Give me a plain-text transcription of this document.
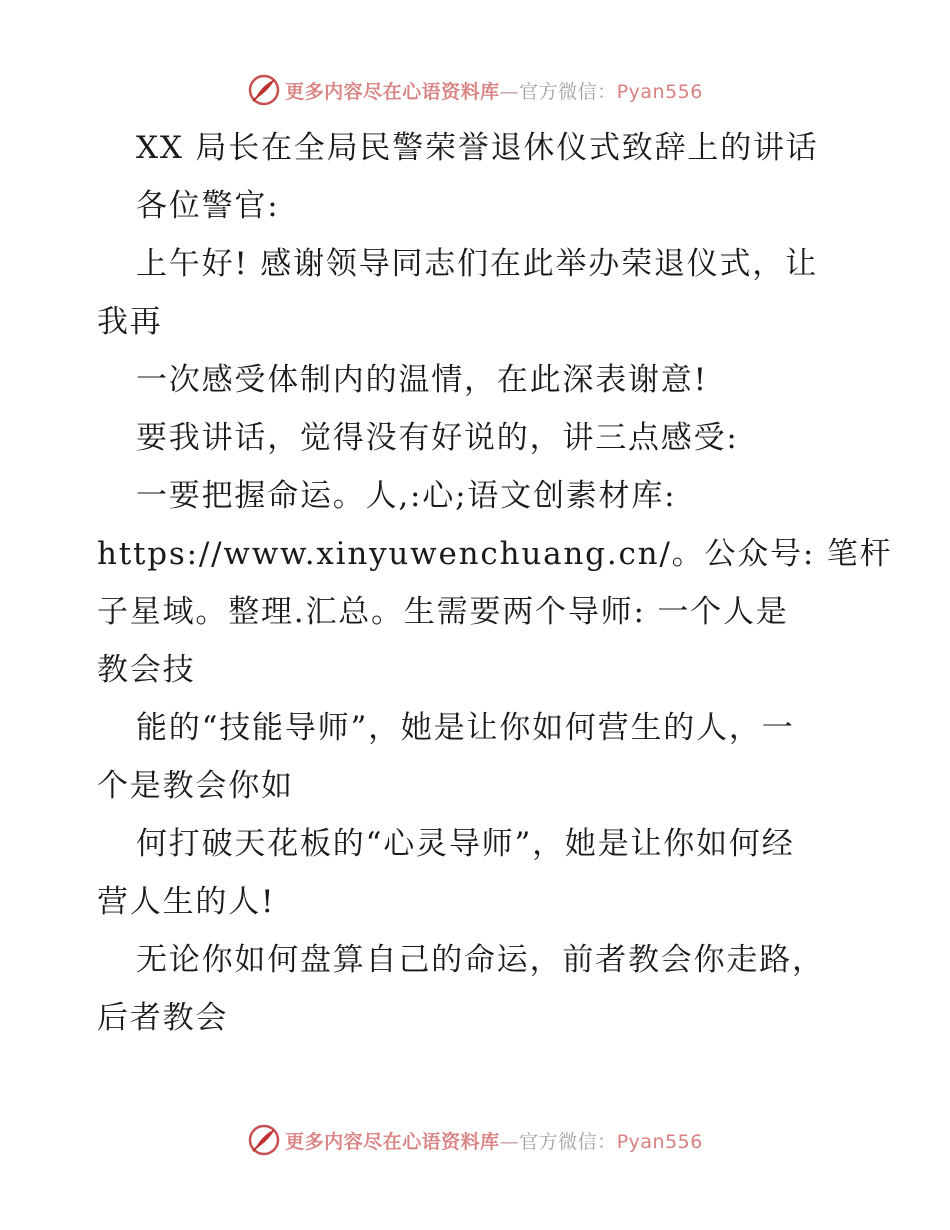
更多内容尽在心语资料库—官方微信：Pyan556
XX 局长在全局民警荣誉退休仪式致辞上的讲话
各位警官:
上午好! 感谢领导同志们在此举办荣退仪式，让
我再
一次感受体制内的温情，在此深表谢意!
要我讲话，觉得没有好说的，讲三点感受:
一要把握命运。人,:心;语文创素材库:
https://www.xinyuwenchuang.cn/。公众号: 笔杆
子星域。整理.汇总。生需要两个导师: 一个人是
教会技
能的“技能导师”，她是让你如何营生的人，一
个是教会你如
何打破天花板的“心灵导师”，她是让你如何经
营人生的人!
无论你如何盘算自己的命运，前者教会你走路，
后者教会
更多内容尽在心语资料库—官方微信：Pyan556
